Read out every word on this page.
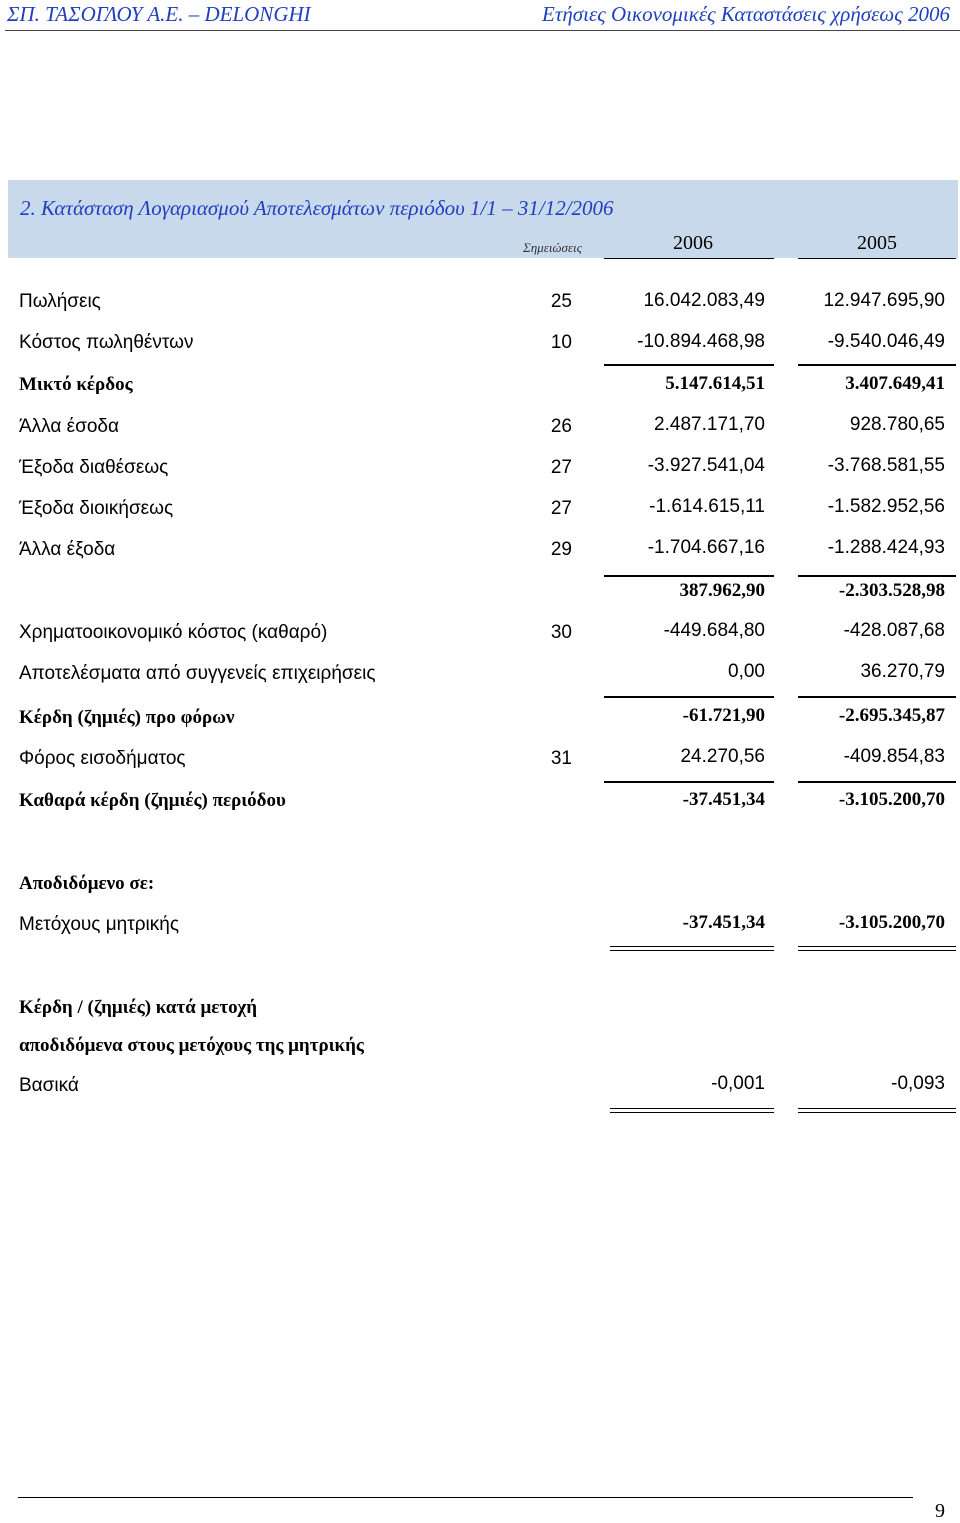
ΣΠ. ΤΑΣΟΓΛΟΥ Α.Ε. – DELONGHI	Ετήσιες Οικονομικές Καταστάσεις χρήσεως 2006
2. Κατάσταση Λογαριασμού Αποτελεσμάτων περιόδου 1/1 – 31/12/2006
Σημειώσεις	2006	2005
Πωλήσεις	25	16.042.083,49	12.947.695,90
Κόστος πωληθέντων	10	-10.894.468,98	-9.540.046,49
Μικτό κέρδος	5.147.614,51	3.407.649,41
Άλλα έσοδα	26	2.487.171,70	928.780,65
Έξοδα διαθέσεως	27	-3.927.541,04	-3.768.581,55
Έξοδα διοικήσεως	27	-1.614.615,11	-1.582.952,56
Άλλα έξοδα	29	-1.704.667,16	-1.288.424,93
387.962,90	-2.303.528,98
Χρηματοοικονομικό κόστος (καθαρό)	30	-449.684,80	-428.087,68
Αποτελέσματα από συγγενείς επιχειρήσεις	0,00	36.270,79
Κέρδη (ζημιές) προ φόρων	-61.721,90	-2.695.345,87
Φόρος εισοδήματος	31	24.270,56	-409.854,83
Καθαρά κέρδη (ζημιές) περιόδου	-37.451,34	-3.105.200,70
Αποδιδόμενο σε:
Μετόχους μητρικής	-37.451,34	-3.105.200,70
Κέρδη / (ζημιές) κατά μετοχή
αποδιδόμενα στους μετόχους της μητρικής
Βασικά	-0,001	-0,093
9
